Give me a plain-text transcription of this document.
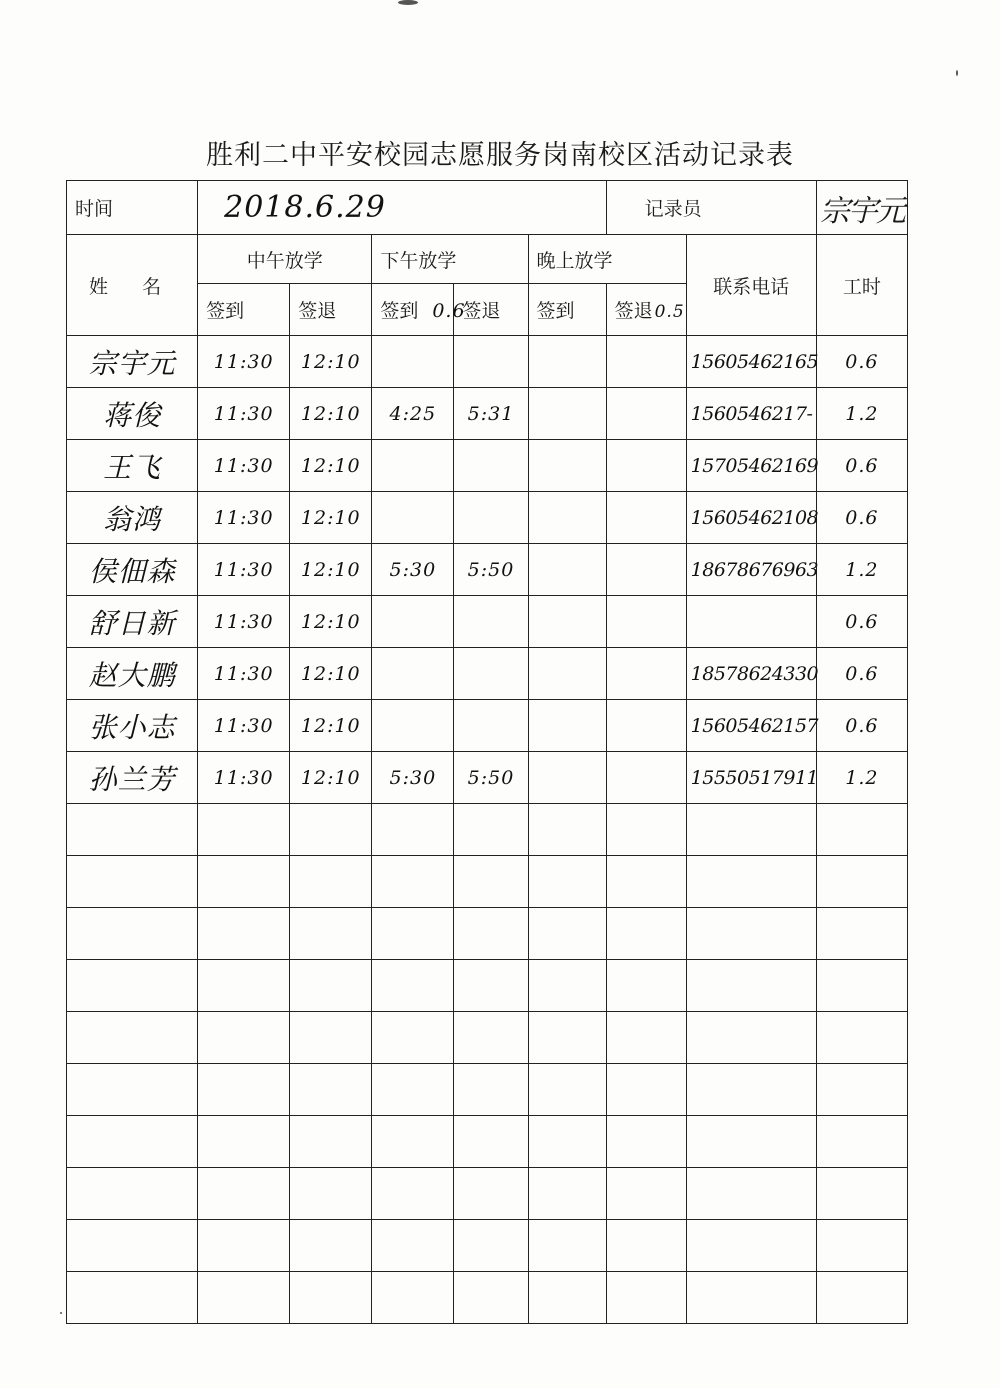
胜利二中平安校园志愿服务岗南校区活动记录表
时间	2018.6.29					记录员		宗宇元
姓 名	中午放学		下午放学		晚上放学		联系电话	工时
	签到	签退	签到 0.6	签退	签到	签退 0.5		
宗宇元	11:30	12:10					15605462165	0.6
蒋俊	11:30	12:10	4:25	5:31			1560546217-	1.2
王飞	11:30	12:10					15705462169	0.6
翁鸿	11:30	12:10					15605462108	0.6
侯佃森	11:30	12:10	5:30	5:50			18678676963	1.2
舒日新	11:30	12:10						0.6
赵大鹏	11:30	12:10					18578624330	0.6
张小志	11:30	12:10					15605462157	0.6
孙兰芳	11:30	12:10	5:30	5:50			15550517911	1.2
